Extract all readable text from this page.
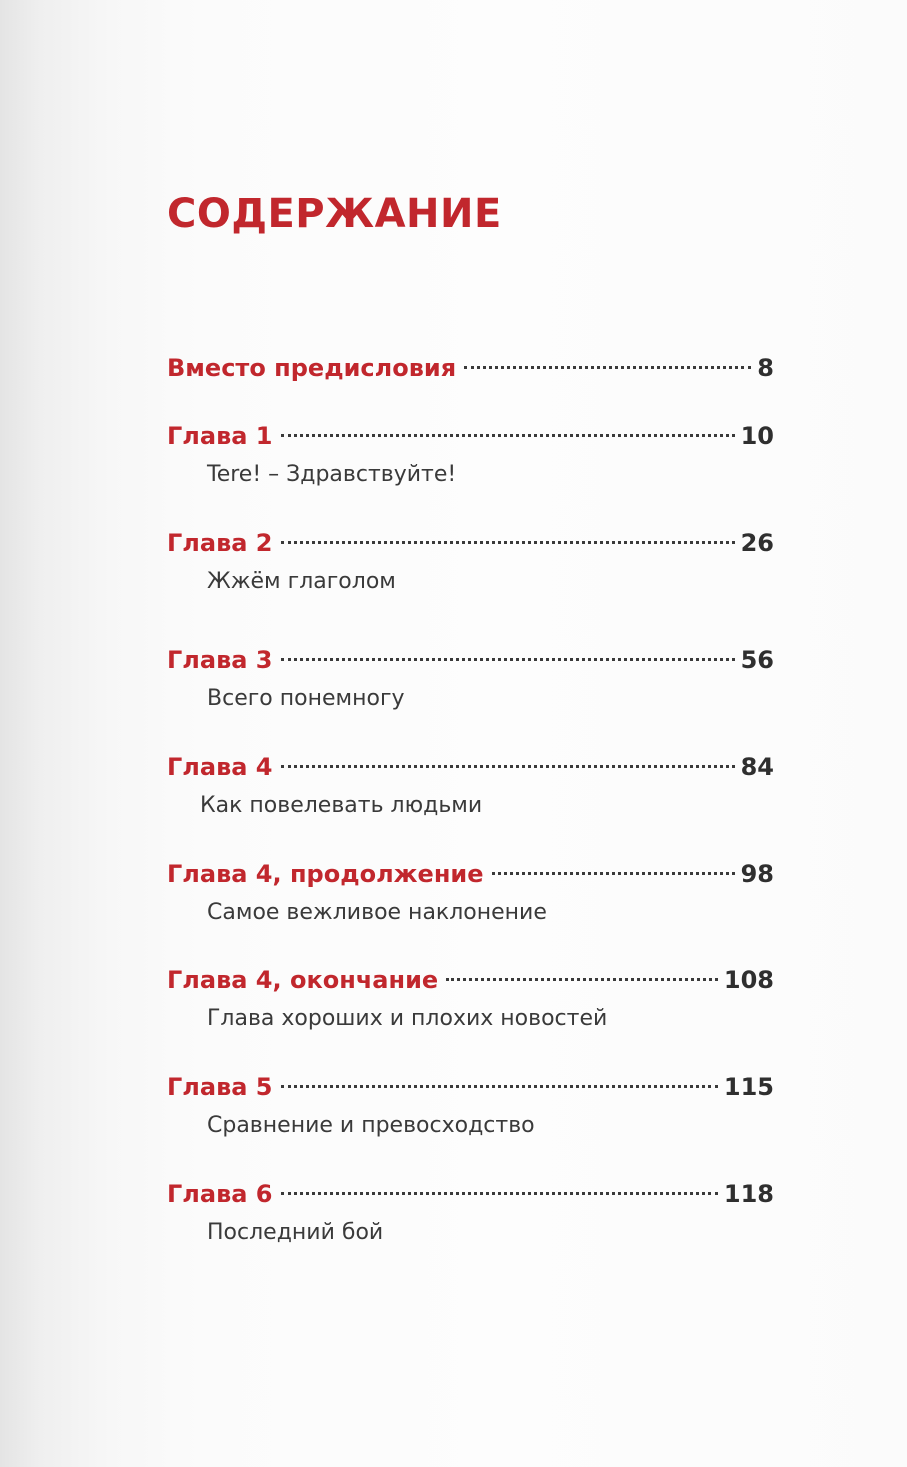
СОДЕРЖАНИЕ
Вместо предисловия	8
Глава 1	10
Tere! – Здравствуйте!
Глава 2	26
Жжём глаголом
Глава 3	56
Всего понемногу
Глава 4	84
Как повелевать людьми
Глава 4, продолжение	98
Самое вежливое наклонение
Глава 4, окончание	108
Глава хороших и плохих новостей
Глава 5	115
Сравнение и превосходство
Глава 6	118
Последний бой
